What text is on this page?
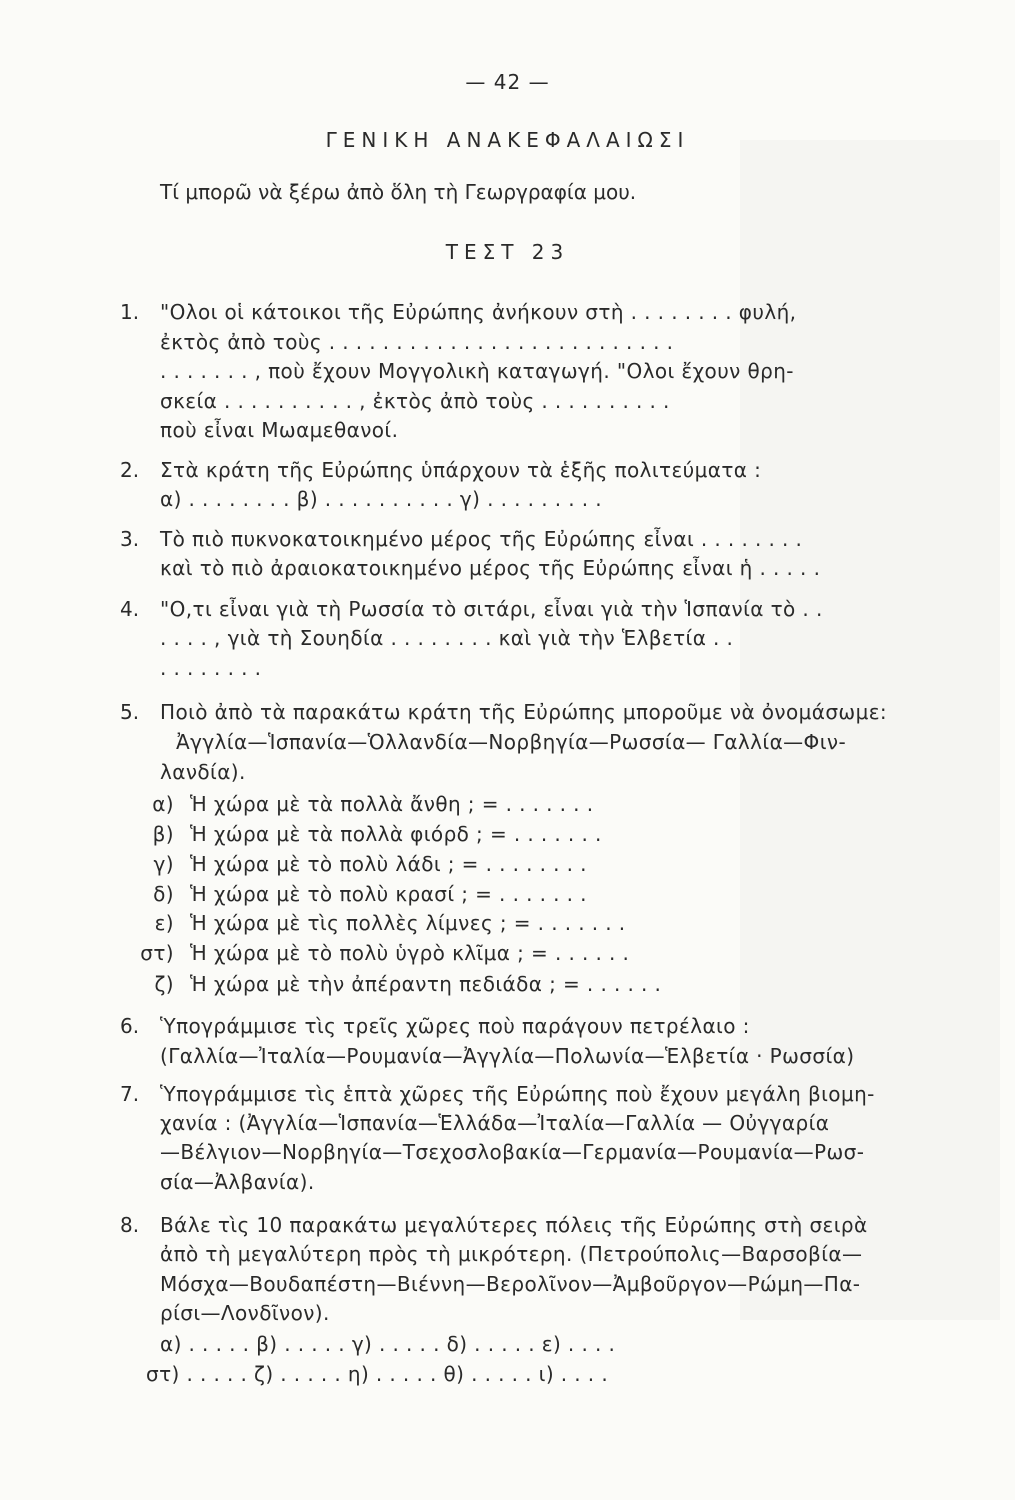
— 42 —
ΓΕΝΙΚΗ ΑΝΑΚΕΦΑΛΑΙΩΣΙ
Τί μπορῶ νὰ ξέρω ἀπὸ ὅλη τὴ Γεωργραφία μου.
ΤΕΣΤ 23
1. "Ολοι οἱ κάτοικοι τῆς Εὐρώπης ἀνήκουν στὴ . . . . . . . . φυλή,
ἐκτὸς ἀπὸ τοὺς . . . . . . . . . . . . . . . . . . . . . . . . . .
. . . . . . . , ποὺ ἔχουν Μογγολικὴ καταγωγή. "Ολοι ἔχουν θρη-
σκεία . . . . . . . . . . , ἐκτὸς ἀπὸ τοὺς . . . . . . . . . .
ποὺ εἶναι Μωαμεθανοί.
2. Στὰ κράτη τῆς Εὐρώπης ὑπάρχουν τὰ ἑξῆς πολιτεύματα :
α) . . . . . . . . β) . . . . . . . . . . γ) . . . . . . . . .
3. Τὸ πιὸ πυκνοκατοικημένο μέρος τῆς Εὐρώπης εἶναι . . . . . . . .
καὶ τὸ πιὸ ἀραιοκατοικημένο μέρος τῆς Εὐρώπης εἶναι ἡ . . . . .
4. "Ο,τι εἶναι γιὰ τὴ Ρωσσία τὸ σιτάρι, εἶναι γιὰ τὴν Ἱσπανία τὸ . .
. . . . , γιὰ τὴ Σουηδία . . . . . . . . καὶ γιὰ τὴν Ἑλβετία . .
. . . . . . . .
5. Ποιὸ ἀπὸ τὰ παρακάτω κράτη τῆς Εὐρώπης μποροῦμε νὰ ὀνομάσωμε:
Ἀγγλία—Ἱσπανία—Ὁλλανδία—Νορβηγία—Ρωσσία— Γαλλία—Φιν-
λανδία).
α) Ἡ χώρα μὲ τὰ πολλὰ ἄνθη ; = . . . . . . .
β) Ἡ χώρα μὲ τὰ πολλὰ φιόρδ ; = . . . . . . .
γ) Ἡ χώρα μὲ τὸ πολὺ λάδι ; = . . . . . . . .
δ) Ἡ χώρα μὲ τὸ πολὺ κρασί ; = . . . . . . .
ε) Ἡ χώρα μὲ τὶς πολλὲς λίμνες ; = . . . . . . .
στ) Ἡ χώρα μὲ τὸ πολὺ ὑγρὸ κλῖμα ; = . . . . . .
ζ) Ἡ χώρα μὲ τὴν ἀπέραντη πεδιάδα ; = . . . . . .
6. Ὑπογράμμισε τὶς τρεῖς χῶρες ποὺ παράγουν πετρέλαιο :
(Γαλλία—Ἰταλία—Ρουμανία—Ἀγγλία—Πολωνία—Ἑλβετία · Ρωσσία)
7. Ὑπογράμμισε τὶς ἑπτὰ χῶρες τῆς Εὐρώπης ποὺ ἔχουν μεγάλη βιομη-
χανία : (Ἀγγλία—Ἱσπανία—Ἑλλάδα—Ἰταλία—Γαλλία — Οὐγγαρία
—Βέλγιον—Νορβηγία—Τσεχοσλοβακία—Γερμανία—Ρουμανία—Ρωσ-
σία—Ἀλβανία).
8. Βάλε τὶς 10 παρακάτω μεγαλύτερες πόλεις τῆς Εὐρώπης στὴ σειρὰ
ἀπὸ τὴ μεγαλύτερη πρὸς τὴ μικρότερη. (Πετρούπολις—Βαρσοβία—
Μόσχα—Βουδαπέστη—Βιέννη—Βερολῖνον—Ἀμβοῦργον—Ρώμη—Πα-
ρίσι—Λονδῖνον).
α) . . . . . β) . . . . . γ) . . . . . δ) . . . . . ε) . . . .
στ) . . . . . ζ) . . . . . η) . . . . . θ) . . . . . ι) . . . .
